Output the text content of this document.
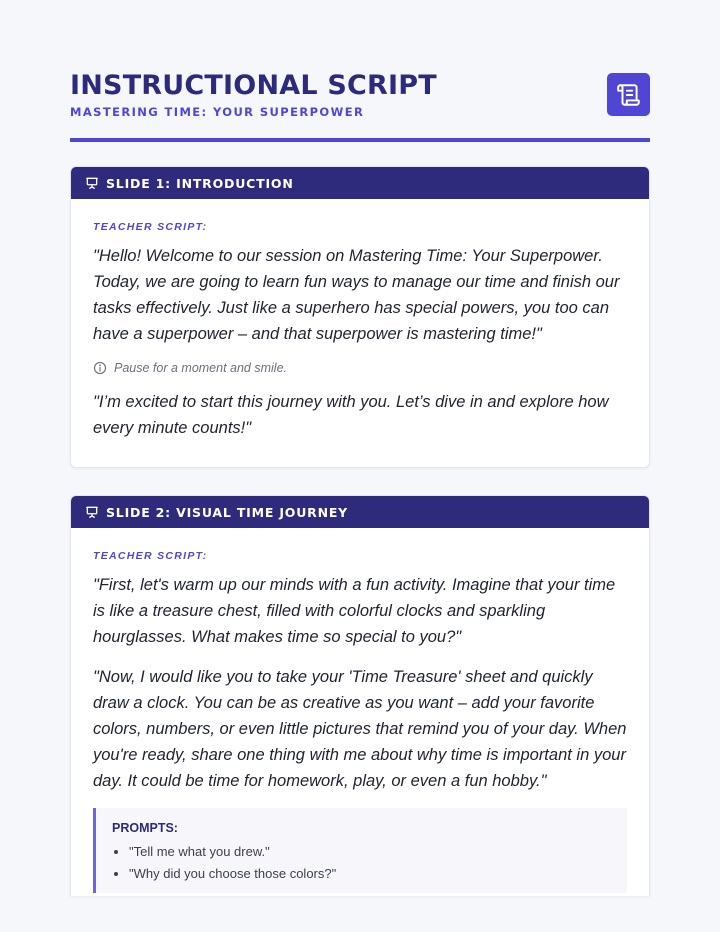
INSTRUCTIONAL SCRIPT
MASTERING TIME: YOUR SUPERPOWER
SLIDE 1: INTRODUCTION
TEACHER SCRIPT:

"Hello! Welcome to our session on Mastering Time: Your Superpower. Today, we are going to learn fun ways to manage our time and finish our tasks effectively. Just like a superhero has special powers, you too can have a superpower – and that superpower is mastering time!"

Pause for a moment and smile.

"I’m excited to start this journey with you. Let’s dive in and explore how every minute counts!"

SLIDE 2: VISUAL TIME JOURNEY
TEACHER SCRIPT:

"First, let's warm up our minds with a fun activity. Imagine that your time is like a treasure chest, filled with colorful clocks and sparkling hourglasses. What makes time so special to you?"

"Now, I would like you to take your 'Time Treasure' sheet and quickly draw a clock. You can be as creative as you want – add your favorite colors, numbers, or even little pictures that remind you of your day. When you're ready, share one thing with me about why time is important in your day. It could be time for homework, play, or even a fun hobby."

PROMPTS:
• "Tell me what you drew."
• "Why did you choose those colors?"
